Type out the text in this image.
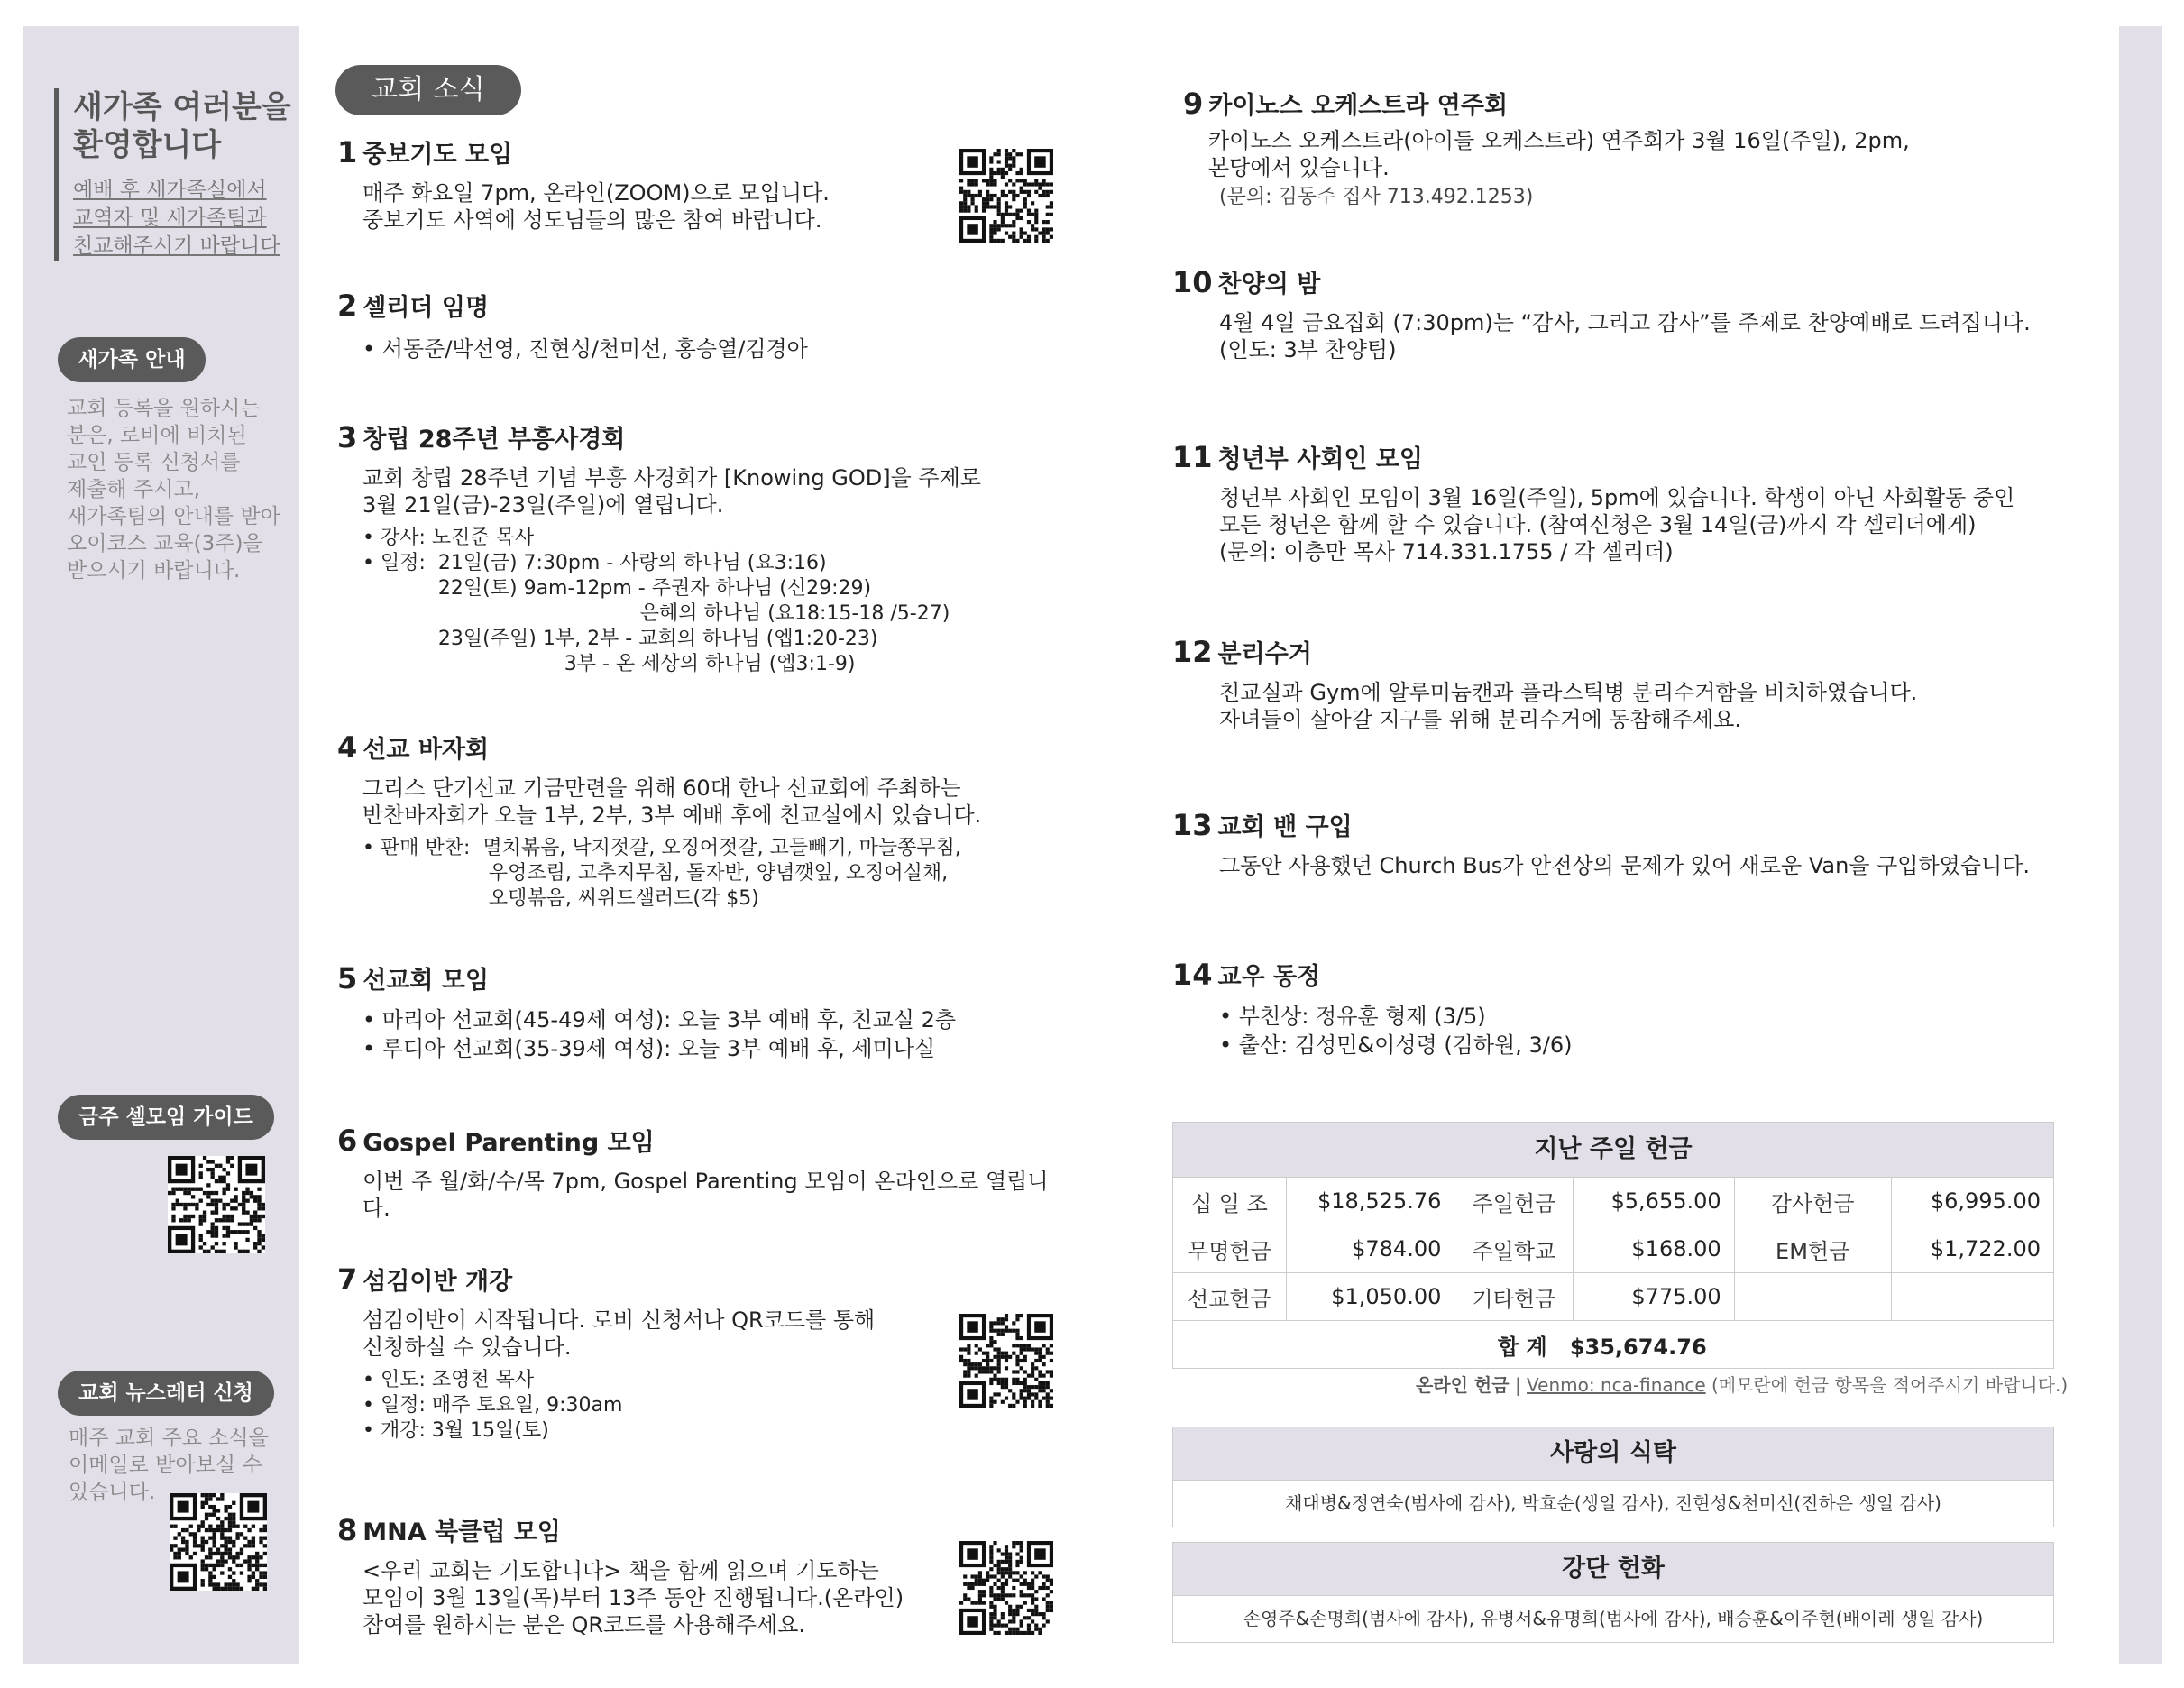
새가족 여러분을
환영합니다
예배 후 새가족실에서
교역자 및 새가족팀과
친교해주시기 바랍니다
새가족 안내
교회 등록을 원하시는
분은, 로비에 비치된
교인 등록 신청서를
제출해 주시고,
새가족팀의 안내를 받아
오이코스 교육(3주)을
받으시기 바랍니다.
금주 셀모임 가이드
교회 뉴스레터 신청
매주 교회 주요 소식을
이메일로 받아보실 수
있습니다.
교회 소식
1 중보기도 모임
매주 화요일 7pm, 온라인(ZOOM)으로 모입니다.
중보기도 사역에 성도님들의 많은 참여 바랍니다.
2 셀리더 임명
• 서동준/박선영, 진현성/천미선, 홍승열/김경아
3 창립 28주년 부흥사경회
교회 창립 28주년 기념 부흥 사경회가 [Knowing GOD]을 주제로
3월 21일(금)-23일(주일)에 열립니다.
• 강사: 노진준 목사
• 일정:  21일(금) 7:30pm - 사랑의 하나님 (요3:16)
22일(토) 9am-12pm - 주권자 하나님 (신29:29)
은혜의 하나님 (요18:15-18 /5-27)
23일(주일) 1부, 2부 - 교회의 하나님 (엡1:20-23)
3부 - 온 세상의 하나님 (엡3:1-9)
4 선교 바자회
그리스 단기선교 기금만련을 위해 60대 한나 선교회에 주최하는
반찬바자회가 오늘 1부, 2부, 3부 예배 후에 친교실에서 있습니다.
• 판매 반찬:  멸치볶음, 낙지젓갈, 오징어젓갈, 고들빼기, 마늘쫑무침,
우엉조림, 고추지무침, 돌자반, 양념깻잎, 오징어실채,
오뎅볶음, 씨위드샐러드(각 $5)
5 선교회 모임
• 마리아 선교회(45-49세 여성): 오늘 3부 예배 후, 친교실 2층
• 루디아 선교회(35-39세 여성): 오늘 3부 예배 후, 세미나실
6 Gospel Parenting 모임
이번 주 월/화/수/목 7pm, Gospel Parenting 모임이 온라인으로 열립니다.
7 섬김이반 개강
섬김이반이 시작됩니다. 로비 신청서나 QR코드를 통해
신청하실 수 있습니다.
• 인도: 조영천 목사
• 일정: 매주 토요일, 9:30am
• 개강: 3월 15일(토)
8 MNA 북클럽 모임
<우리 교회는 기도합니다> 책을 함께 읽으며 기도하는
모임이 3월 13일(목)부터 13주 동안 진행됩니다.(온라인)
참여를 원하시는 분은 QR코드를 사용해주세요.
9 카이노스 오케스트라 연주회
카이노스 오케스트라(아이들 오케스트라) 연주회가 3월 16일(주일), 2pm,
본당에서 있습니다.
(문의: 김동주 집사 713.492.1253)
10 찬양의 밤
4월 4일 금요집회 (7:30pm)는 “감사, 그리고 감사”를 주제로 찬양예배로 드려집니다.
(인도: 3부 찬양팀)
11 청년부 사회인 모임
청년부 사회인 모임이 3월 16일(주일), 5pm에 있습니다. 학생이 아닌 사회활동 중인
모든 청년은 함께 할 수 있습니다. (참여신청은 3월 14일(금)까지 각 셀리더에게)
(문의: 이층만 목사 714.331.1755 / 각 셀리더)
12 분리수거
친교실과 Gym에 알루미늄캔과 플라스틱병 분리수거함을 비치하였습니다.
자녀들이 살아갈 지구를 위해 분리수거에 동참해주세요.
13 교회 밴 구입
그동안 사용했던 Church Bus가 안전상의 문제가 있어 새로운 Van을 구입하였습니다.
14 교우 동정
• 부친상: 정유훈 형제 (3/5)
• 출산: 김성민&이성령 (김하원, 3/6)
지난 주일 헌금
십 일 조	$18,525.76	주일헌금	$5,655.00	감사헌금	$6,995.00
무명헌금	$784.00	주일학교	$168.00	EM헌금	$1,722.00
선교헌금	$1,050.00	기타헌금	$775.00		
합 계 $35,674.76					
온라인 헌금 | Venmo: nca-finance (메모란에 헌금 항목을 적어주시기 바랍니다.)
사랑의 식탁
채대병&정연숙(범사에 감사), 박효순(생일 감사), 진현성&천미선(진하은 생일 감사)
강단 헌화
손영주&손명희(범사에 감사), 유병서&유명희(범사에 감사), 배승훈&이주현(배이레 생일 감사)
